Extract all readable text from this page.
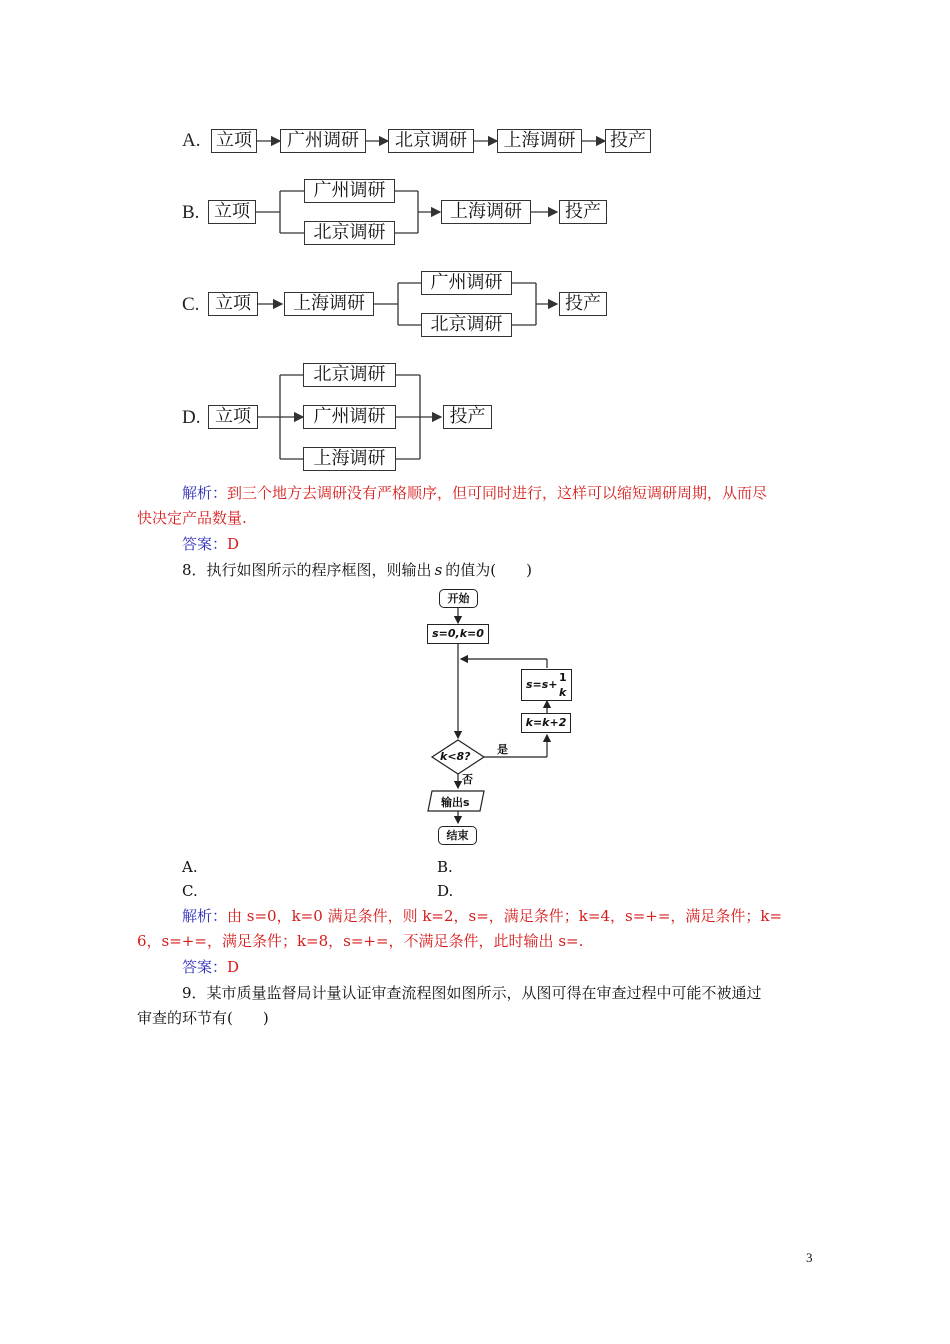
A. 立项	广州调研	北京调研	上海调研	投产
B. 立项
广州调研
北京调研
上海调研	投产
C. 立项	上海调研
广州调研
北京调研
投产
D. 立项
北京调研
广州调研
上海调研
投产
解析：到三个地方去调研没有严格顺序，但可同时进行，这样可以缩短调研周期，从而尽
快决定产品数量.
答案：D
8．执行如图所示的程序框图，则输出 s 的值为(　　)
开始
s=0,k=0
s=s+
1
k
k=k+2
k<8?
是
否
输出s
结束
A.	B.
C.	D.
解析：由 s=0，k=0 满足条件，则 k=2，s=，满足条件；k=4，s=+=，满足条件；k=
6，s=+=，满足条件；k=8，s=+=，不满足条件，此时输出 s=.
答案：D
9．某市质量监督局计量认证审查流程图如图所示，从图可得在审查过程中可能不被通过
审查的环节有(　　)
3
